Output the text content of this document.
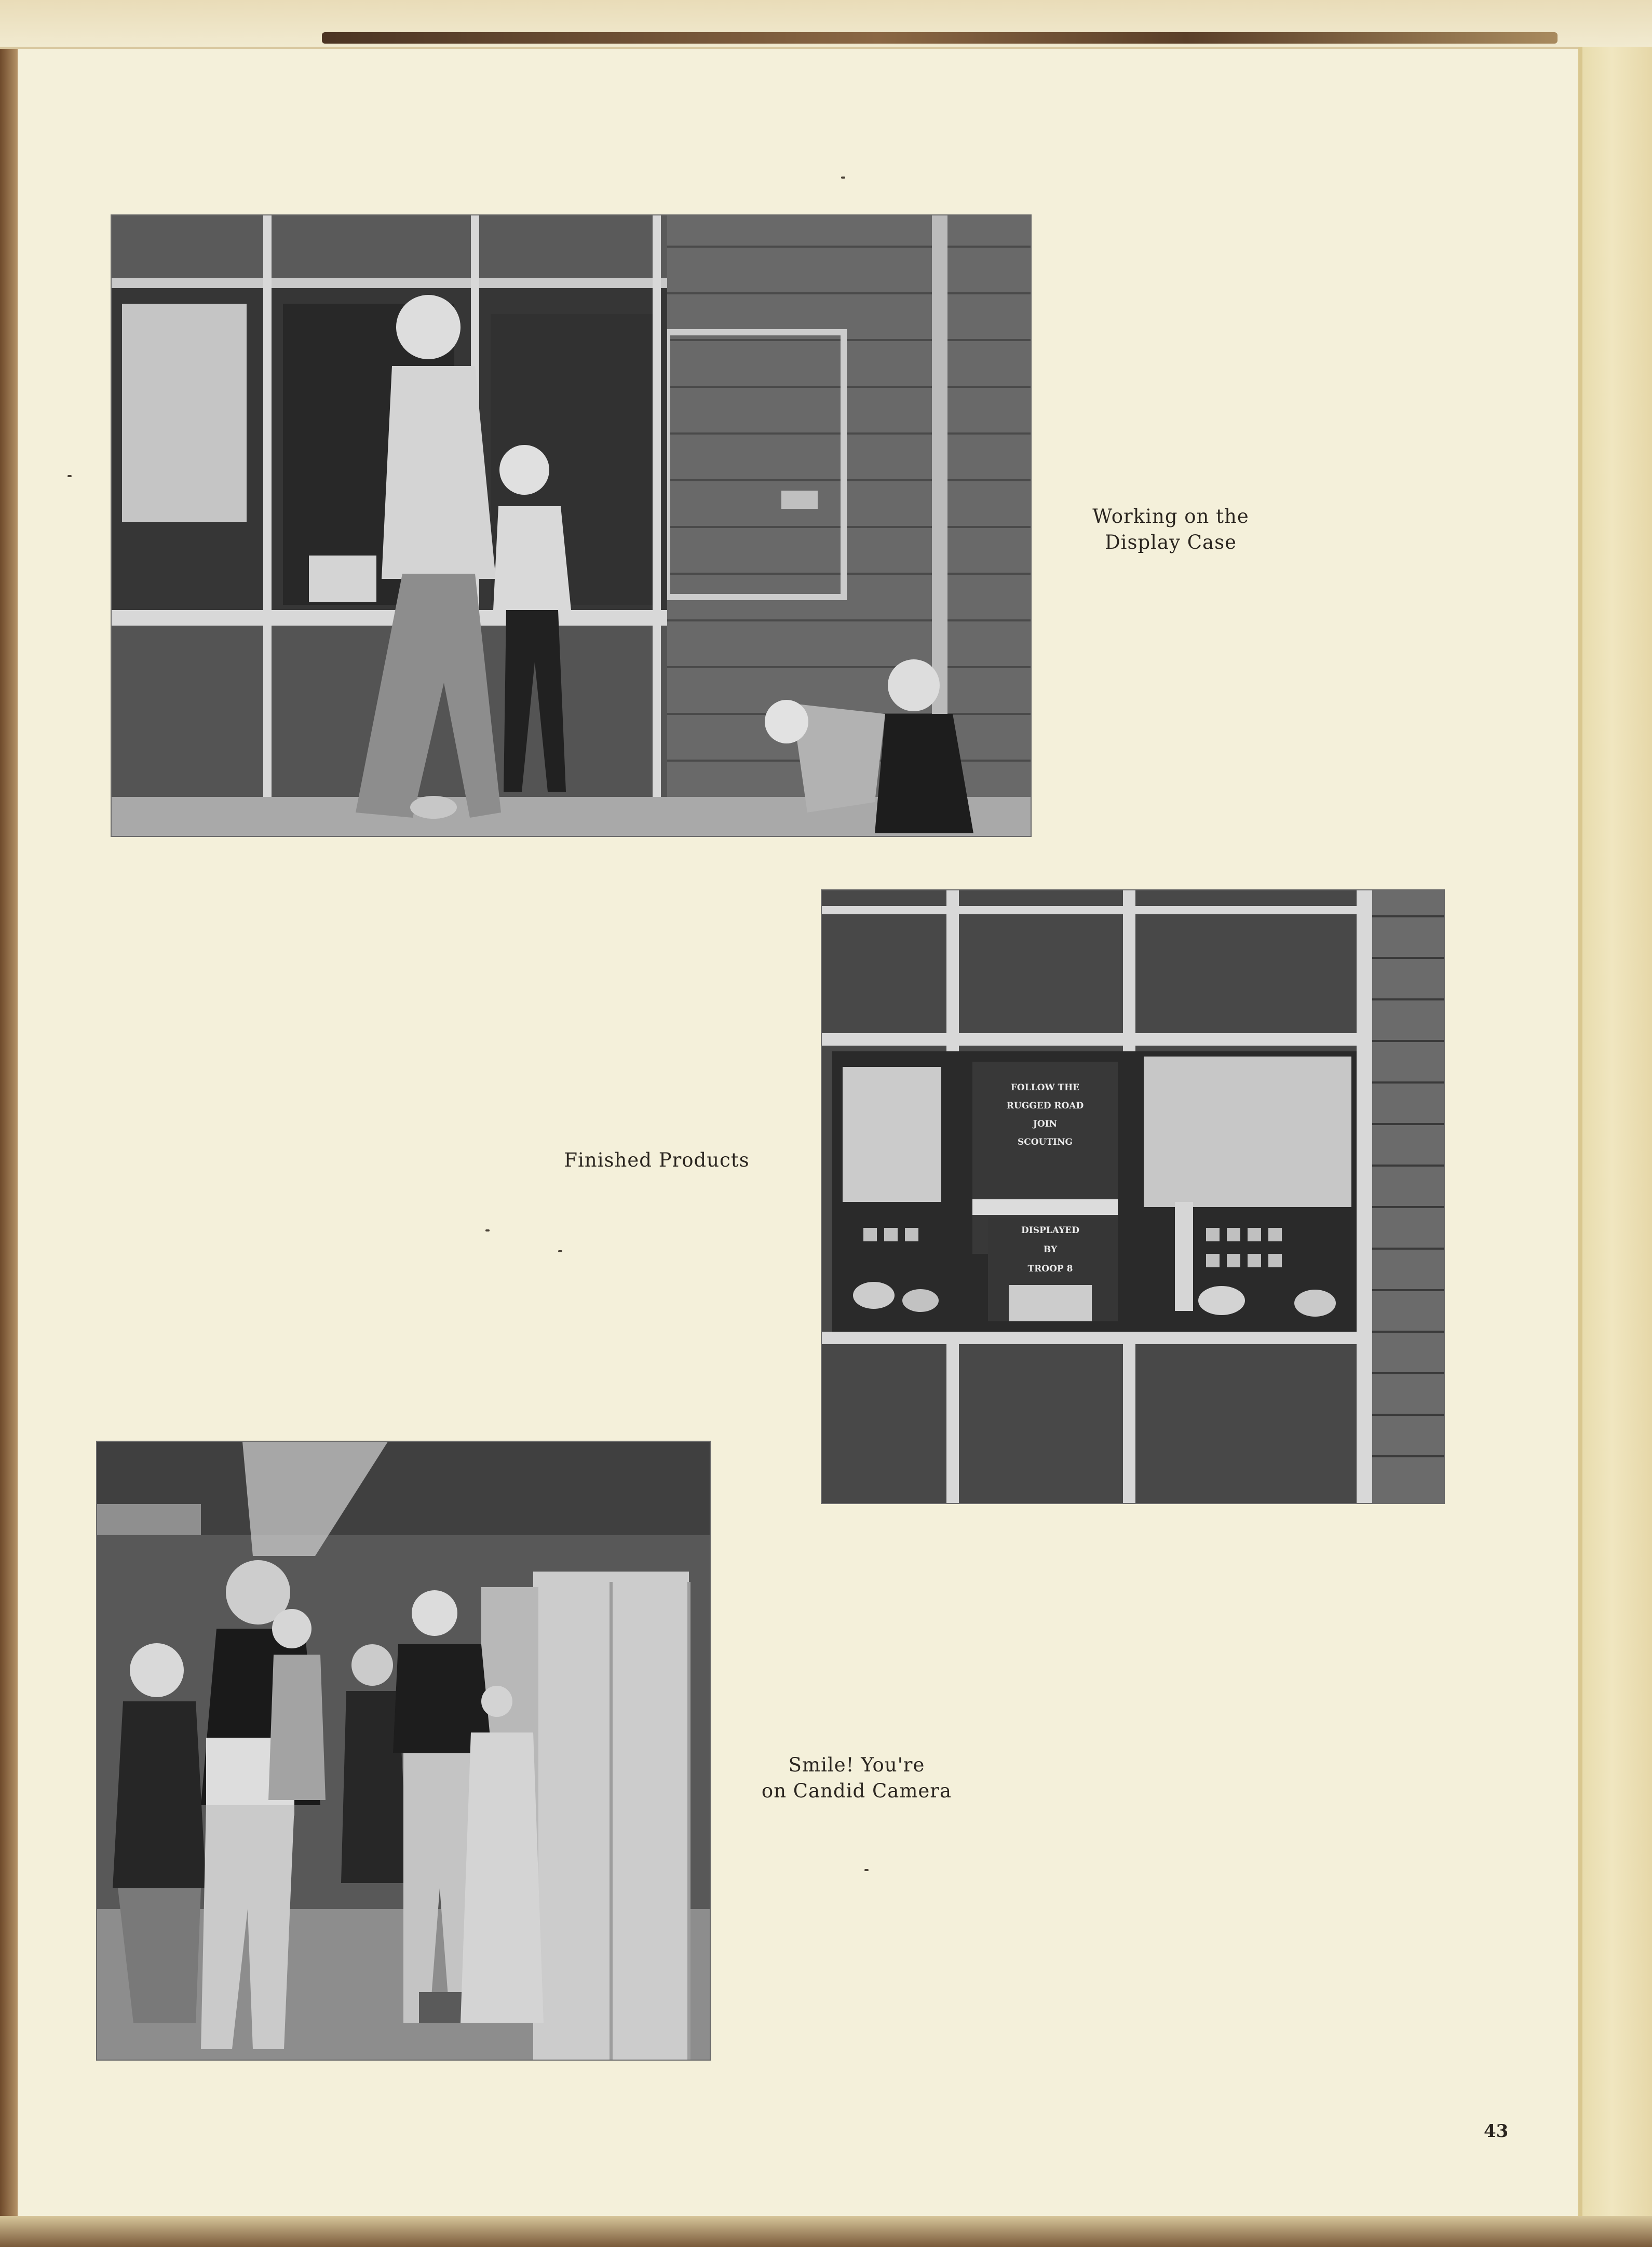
Working on the
Display Case

FOLLOW THE
RUGGED ROAD
JOIN
SCOUTING
DISPLAYED
BY
TROOP 8

Finished Products

Smile! You're
on Candid Camera

43
